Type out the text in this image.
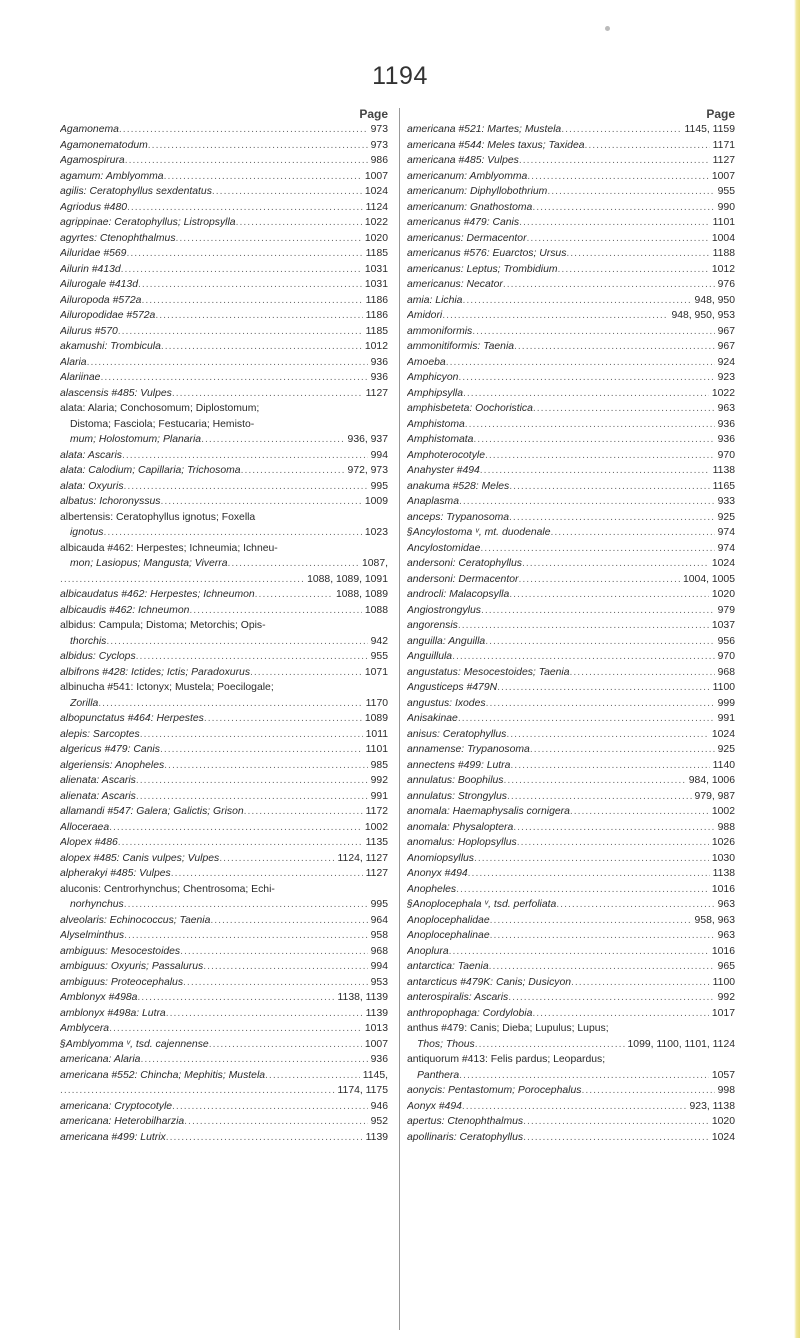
1194
Page
973
Agamonema .....
973
Agamonematodum .....
986
Agamospirura .....
1007
agamum: Amblyomma .....
1024
agilis: Ceratophyllus sexdentatus .....
1124
Agriodus #480 .....
1022
agrippinae: Ceratophyllus; Listropsylla .....
1020
agyrtes: Ctenophthalmus .....
1185
Ailuridae #569 .....
1031
Ailurin #413d .....
1031
Ailurogale #413d .....
1186
Ailuropoda #572a .....
1186
Ailuropodidae #572a .....
1185
Ailurus #570 .....
1012
akamushi: Trombicula .....
936
Alaria .....
936
Alariinae .....
1127
alascensis #485: Vulpes .....
alata: Alaria; Conchosomum; Diplostomum;
Distoma; Fasciola; Festucaria; Hemisto-
936, 937
mum; Holostomum; Planaria .....
994
alata: Ascaris .....
972, 973
alata: Calodium; Capillaria; Trichosoma .....
995
alata: Oxyuris .....
1009
albatus: Ichoronyssus .....
albertensis: Ceratophyllus ignotus; Foxella
1023
ignotus .....
albicauda #462: Herpestes; Ichneumia; Ichneu-
1087,
mon; Lasiopus; Mangusta; Viverra .....
1088, 1089, 1091
.....
1088, 1089
albicaudatus #462: Herpestes; Ichneumon .....
1088
albicaudis #462: Ichneumon .....
albidus: Campula; Distoma; Metorchis; Opis-
942
thorchis .....
955
albidus: Cyclops .....
1071
albifrons #428: Ictides; Ictis; Paradoxurus .....
albinucha #541: Ictonyx; Mustela; Poecilogale;
1170
Zorilla .....
1089
albopunctatus #464: Herpestes .....
1011
alepis: Sarcoptes .....
1101
algericus #479: Canis .....
985
algeriensis: Anopheles .....
992
alienata: Ascaris .....
991
alienata: Ascaris .....
1172
allamandi #547: Galera; Galictis; Grison .....
1002
Alloceraea .....
1135
Alopex #486 .....
1124, 1127
alopex #485: Canis vulpes; Vulpes .....
1127
alpherakyi #485: Vulpes .....
aluconis: Centrorhynchus; Chentrosoma; Echi-
995
norhynchus .....
964
alveolaris: Echinococcus; Taenia .....
958
Alyselminthus .....
968
ambiguus: Mesocestoides .....
994
ambiguus: Oxyuris; Passalurus .....
953
ambiguus: Proteocephalus .....
1138, 1139
Amblonyx #498a .....
1139
amblonyx #498a: Lutra .....
1013
Amblycera .....
1007
§Amblyomma ᵛ, tsd. cajennense .....
936
americana: Alaria .....
1145,
americana #552: Chincha; Mephitis; Mustela .....
1174, 1175
.....
946
americana: Cryptocotyle .....
952
americana: Heterobilharzia .....
1139
americana #499: Lutrix .....
Page
1145, 1159
americana #521: Martes; Mustela .....
1171
americana #544: Meles taxus; Taxidea .....
1127
americana #485: Vulpes .....
1007
americanum: Amblyomma .....
955
americanum: Diphyllobothrium .....
990
americanum: Gnathostoma .....
1101
americanus #479: Canis .....
1004
americanus: Dermacentor .....
1188
americanus #576: Euarctos; Ursus .....
1012
americanus: Leptus; Trombidium .....
976
americanus: Necator .....
948, 950
amia: Lichia .....
948, 950, 953
Amidori .....
967
ammoniformis .....
967
ammonitiformis: Taenia .....
924
Amoeba .....
923
Amphicyon .....
1022
Amphipsylla .....
963
amphisbeteta: Oochoristica .....
936
Amphistoma .....
936
Amphistomata .....
970
Amphoterocotyle .....
1138
Anahyster #494 .....
1165
anakuma #528: Meles .....
933
Anaplasma .....
925
anceps: Trypanosoma .....
974
§Ancylostoma ᵛ, mt. duodenale .....
974
Ancylostomidae .....
1024
andersoni: Ceratophyllus .....
1004, 1005
andersoni: Dermacentor .....
1020
androcli: Malacopsylla .....
979
Angiostrongylus .....
1037
angorensis .....
956
anguilla: Anguilla .....
970
Anguillula .....
968
angustatus: Mesocestoides; Taenia .....
1100
Angusticeps #479N .....
999
angustus: Ixodes .....
991
Anisakinae .....
1024
anisus: Ceratophyllus .....
925
annamense: Trypanosoma .....
1140
annectens #499: Lutra .....
984, 1006
annulatus: Boophilus .....
979, 987
annulatus: Strongylus .....
1002
anomala: Haemaphysalis cornigera .....
988
anomala: Physaloptera .....
1026
anomalus: Hoplopsyllus .....
1030
Anomiopsyllus .....
1138
Anonyx #494 .....
1016
Anopheles .....
963
§Anoplocephala ᵛ, tsd. perfoliata .....
958, 963
Anoplocephalidae .....
963
Anoplocephalinae .....
1016
Anoplura .....
965
antarctica: Taenia .....
1100
antarcticus #479K: Canis; Dusicyon .....
992
anterospiralis: Ascaris .....
1017
anthropophaga: Cordylobia .....
anthus #479: Canis; Dieba; Lupulus; Lupus;
1099, 1100, 1101, 1124
Thos; Thous .....
antiquorum #413: Felis pardus; Leopardus;
1057
Panthera .....
998
aonycis: Pentastomum; Porocephalus .....
923, 1138
Aonyx #494 .....
1020
apertus: Ctenophthalmus .....
1024
apollinaris: Ceratophyllus .....
